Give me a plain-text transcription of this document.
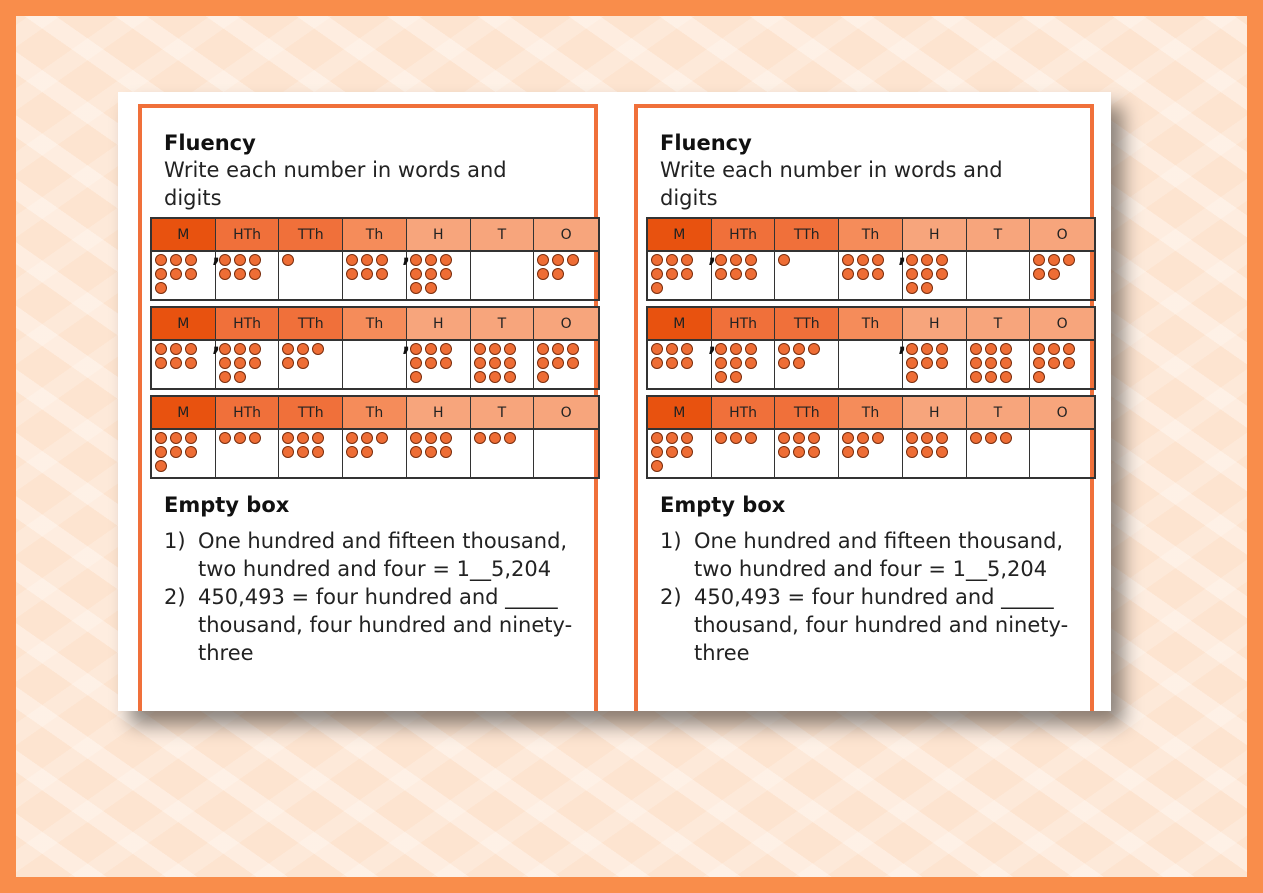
Fluency
Write each number in words and digits
M	HTh	TTh	Th	H	T	O
,	,
M	HTh	TTh	Th	H	T	O
,	,
M	HTh	TTh	Th	H	T	O
Empty box
1) One hundred and fifteen thousand, two hundred and four = 1__5,204
2) 450,493 = four hundred and _____ thousand, four hundred and ninety-three
Fluency
Write each number in words and digits
M	HTh	TTh	Th	H	T	O
,	,
M	HTh	TTh	Th	H	T	O
,	,
M	HTh	TTh	Th	H	T	O
Empty box
1) One hundred and fifteen thousand, two hundred and four = 1__5,204
2) 450,493 = four hundred and _____ thousand, four hundred and ninety-three
